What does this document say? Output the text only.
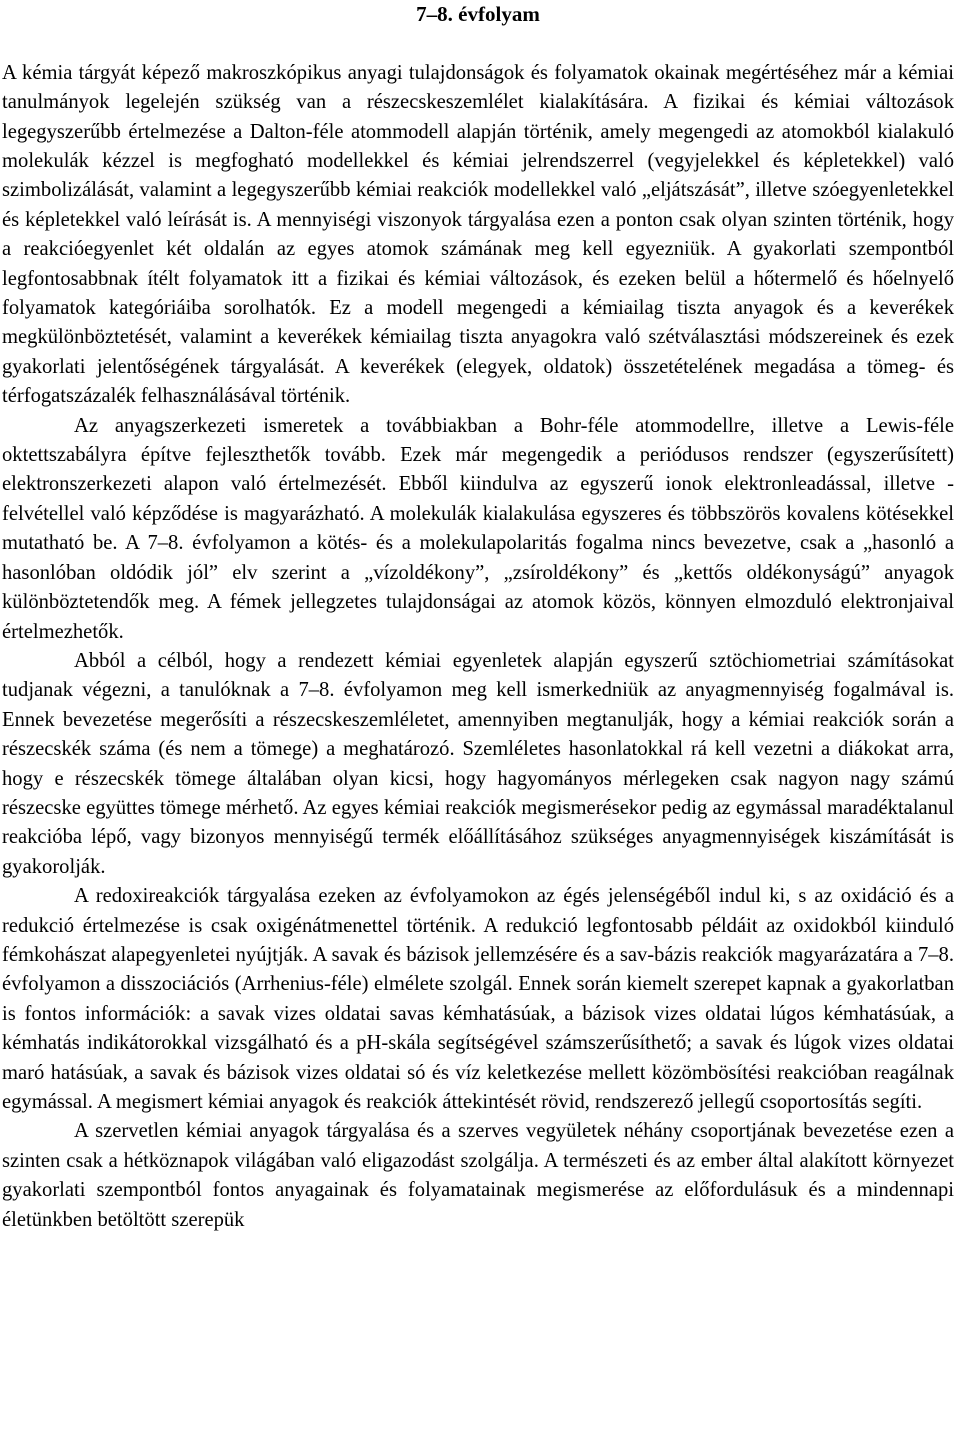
7–8. évfolyam

A kémia tárgyát képező makroszkópikus anyagi tulajdonságok és folyamatok okainak megértéséhez már a kémiai tanulmányok legelején szükség van a részecskeszemlélet kialakítására. A fizikai és kémiai változások legegyszerűbb értelmezése a Dalton-féle atommodell alapján történik, amely megengedi az atomokból kialakuló molekulák kézzel is megfogható modellekkel és kémiai jelrendszerrel (vegyjelekkel és képletekkel) való szimbolizálását, valamint a legegyszerűbb kémiai reakciók modellekkel való „eljátszását”, illetve szóegyenletekkel és képletekkel való leírását is. A mennyiségi viszonyok tárgyalása ezen a ponton csak olyan szinten történik, hogy a reakcióegyenlet két oldalán az egyes atomok számának meg kell egyezniük. A gyakorlati szempontból legfontosabbnak ítélt folyamatok itt a fizikai és kémiai változások, és ezeken belül a hőtermelő és hőelnyelő folyamatok kategóriáiba sorolhatók. Ez a modell megengedi a kémiailag tiszta anyagok és a keverékek megkülönböztetését, valamint a keverékek kémiailag tiszta anyagokra való szétválasztási módszereinek és ezek gyakorlati jelentőségének tárgyalását. A keverékek (elegyek, oldatok) összetételének megadása a tömeg- és térfogatszázalék felhasználásával történik.

Az anyagszerkezeti ismeretek a továbbiakban a Bohr-féle atommodellre, illetve a Lewis-féle oktettszabályra építve fejleszthetők tovább. Ezek már megengedik a periódusos rendszer (egyszerűsített) elektronszerkezeti alapon való értelmezését. Ebből kiindulva az egyszerű ionok elektronleadással, illetve -felvétellel való képződése is magyarázható. A molekulák kialakulása egyszeres és többszörös kovalens kötésekkel mutatható be. A 7–8. évfolyamon a kötés- és a molekulapolaritás fogalma nincs bevezetve, csak a „hasonló a hasonlóban oldódik jól” elv szerint a „vízoldékony”, „zsíroldékony” és „kettős oldékonyságú” anyagok különböztetendők meg. A fémek jellegzetes tulajdonságai az atomok közös, könnyen elmozduló elektronjaival értelmezhetők.

Abból a célból, hogy a rendezett kémiai egyenletek alapján egyszerű sztöchiometriai számításokat tudjanak végezni, a tanulóknak a 7–8. évfolyamon meg kell ismerkedniük az anyagmennyiség fogalmával is. Ennek bevezetése megerősíti a részecskeszemléletet, amennyiben megtanulják, hogy a kémiai reakciók során a részecskék száma (és nem a tömege) a meghatározó. Szemléletes hasonlatokkal rá kell vezetni a diákokat arra, hogy e részecskék tömege általában olyan kicsi, hogy hagyományos mérlegeken csak nagyon nagy számú részecske együttes tömege mérhető. Az egyes kémiai reakciók megismerésekor pedig az egymással maradéktalanul reakcióba lépő, vagy bizonyos mennyiségű termék előállításához szükséges anyagmennyiségek kiszámítását is gyakorolják.

A redoxireakciók tárgyalása ezeken az évfolyamokon az égés jelenségéből indul ki, s az oxidáció és a redukció értelmezése is csak oxigénátmenettel történik. A redukció legfontosabb példáit az oxidokból kiinduló fémkohászat alapegyenletei nyújtják. A savak és bázisok jellemzésére és a sav-bázis reakciók magyarázatára a 7–8. évfolyamon a disszociációs (Arrhenius-féle) elmélete szolgál. Ennek során kiemelt szerepet kapnak a gyakorlatban is fontos információk: a savak vizes oldatai savas kémhatásúak, a bázisok vizes oldatai lúgos kémhatásúak, a kémhatás indikátorokkal vizsgálható és a pH-skála segítségével számszerűsíthető; a savak és lúgok vizes oldatai maró hatásúak, a savak és bázisok vizes oldatai só és víz keletkezése mellett közömbösítési reakcióban reagálnak egymással. A megismert kémiai anyagok és reakciók áttekintését rövid, rendszerező jellegű csoportosítás segíti.

A szervetlen kémiai anyagok tárgyalása és a szerves vegyületek néhány csoportjának bevezetése ezen a szinten csak a hétköznapok világában való eligazodást szolgálja. A természeti és az ember által alakított környezet gyakorlati szempontból fontos anyagainak és folyamatainak megismerése az előfordulásuk és a mindennapi életünkben betöltött szerepük
